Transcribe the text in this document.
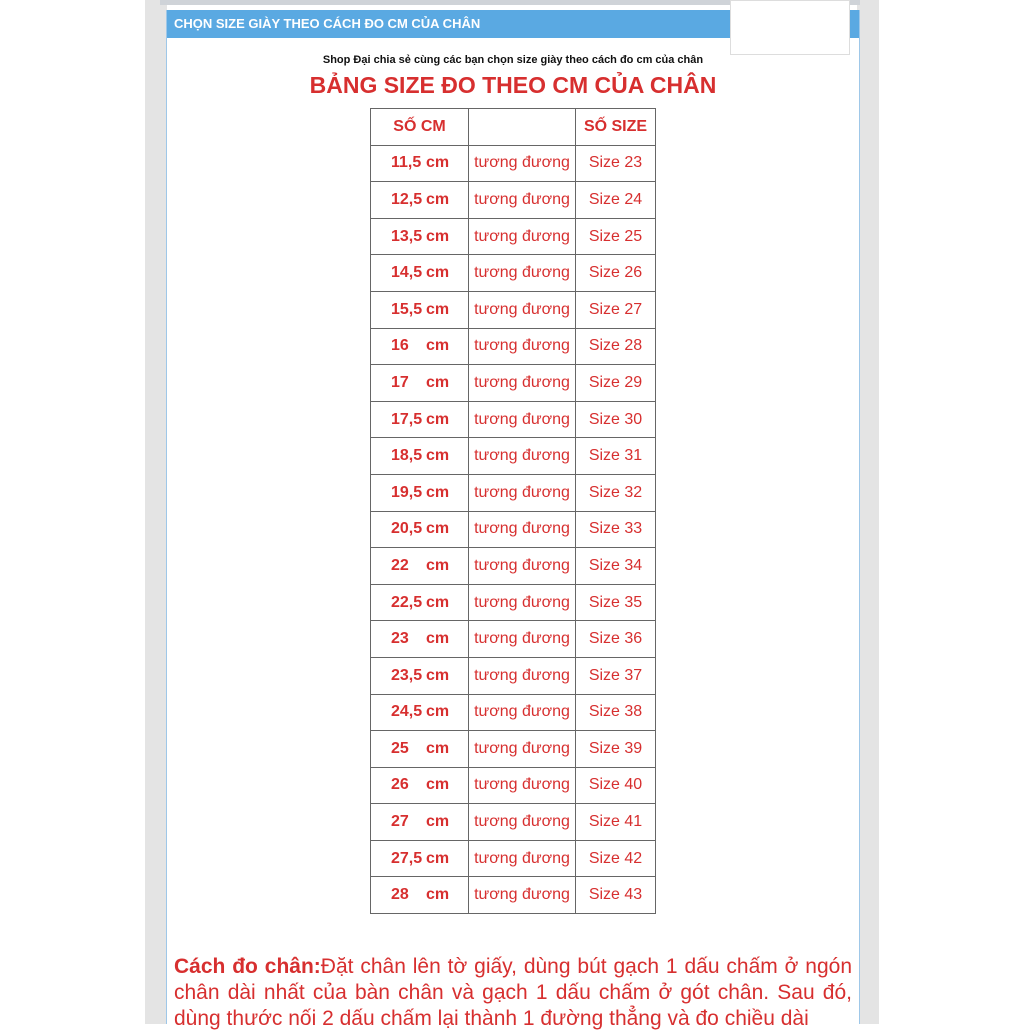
CHỌN SIZE GIÀY THEO CÁCH ĐO CM CỦA CHÂN
Shop Đại chia sẻ cùng các bạn chọn size giày theo cách đo cm của chân
BẢNG SIZE ĐO THEO CM CỦA CHÂN
SỐ CM		SỐ SIZE
11,5 cm	tương đương	Size 23
12,5 cm	tương đương	Size 24
13,5 cm	tương đương	Size 25
14,5 cm	tương đương	Size 26
15,5 cm	tương đương	Size 27
16 cm	tương đương	Size 28
17 cm	tương đương	Size 29
17,5 cm	tương đương	Size 30
18,5 cm	tương đương	Size 31
19,5 cm	tương đương	Size 32
20,5 cm	tương đương	Size 33
22 cm	tương đương	Size 34
22,5 cm	tương đương	Size 35
23 cm	tương đương	Size 36
23,5 cm	tương đương	Size 37
24,5 cm	tương đương	Size 38
25 cm	tương đương	Size 39
26 cm	tương đương	Size 40
27 cm	tương đương	Size 41
27,5 cm	tương đương	Size 42
28 cm	tương đương	Size 43
Cách đo chân:Đặt chân lên tờ giấy, dùng bút gạch 1 dấu chấm ở ngón chân dài nhất của bàn chân và gạch 1 dấu chấm ở gót chân. Sau đó, dùng thước nối 2 dấu chấm lại thành 1 đường thẳng và đo chiều dài
